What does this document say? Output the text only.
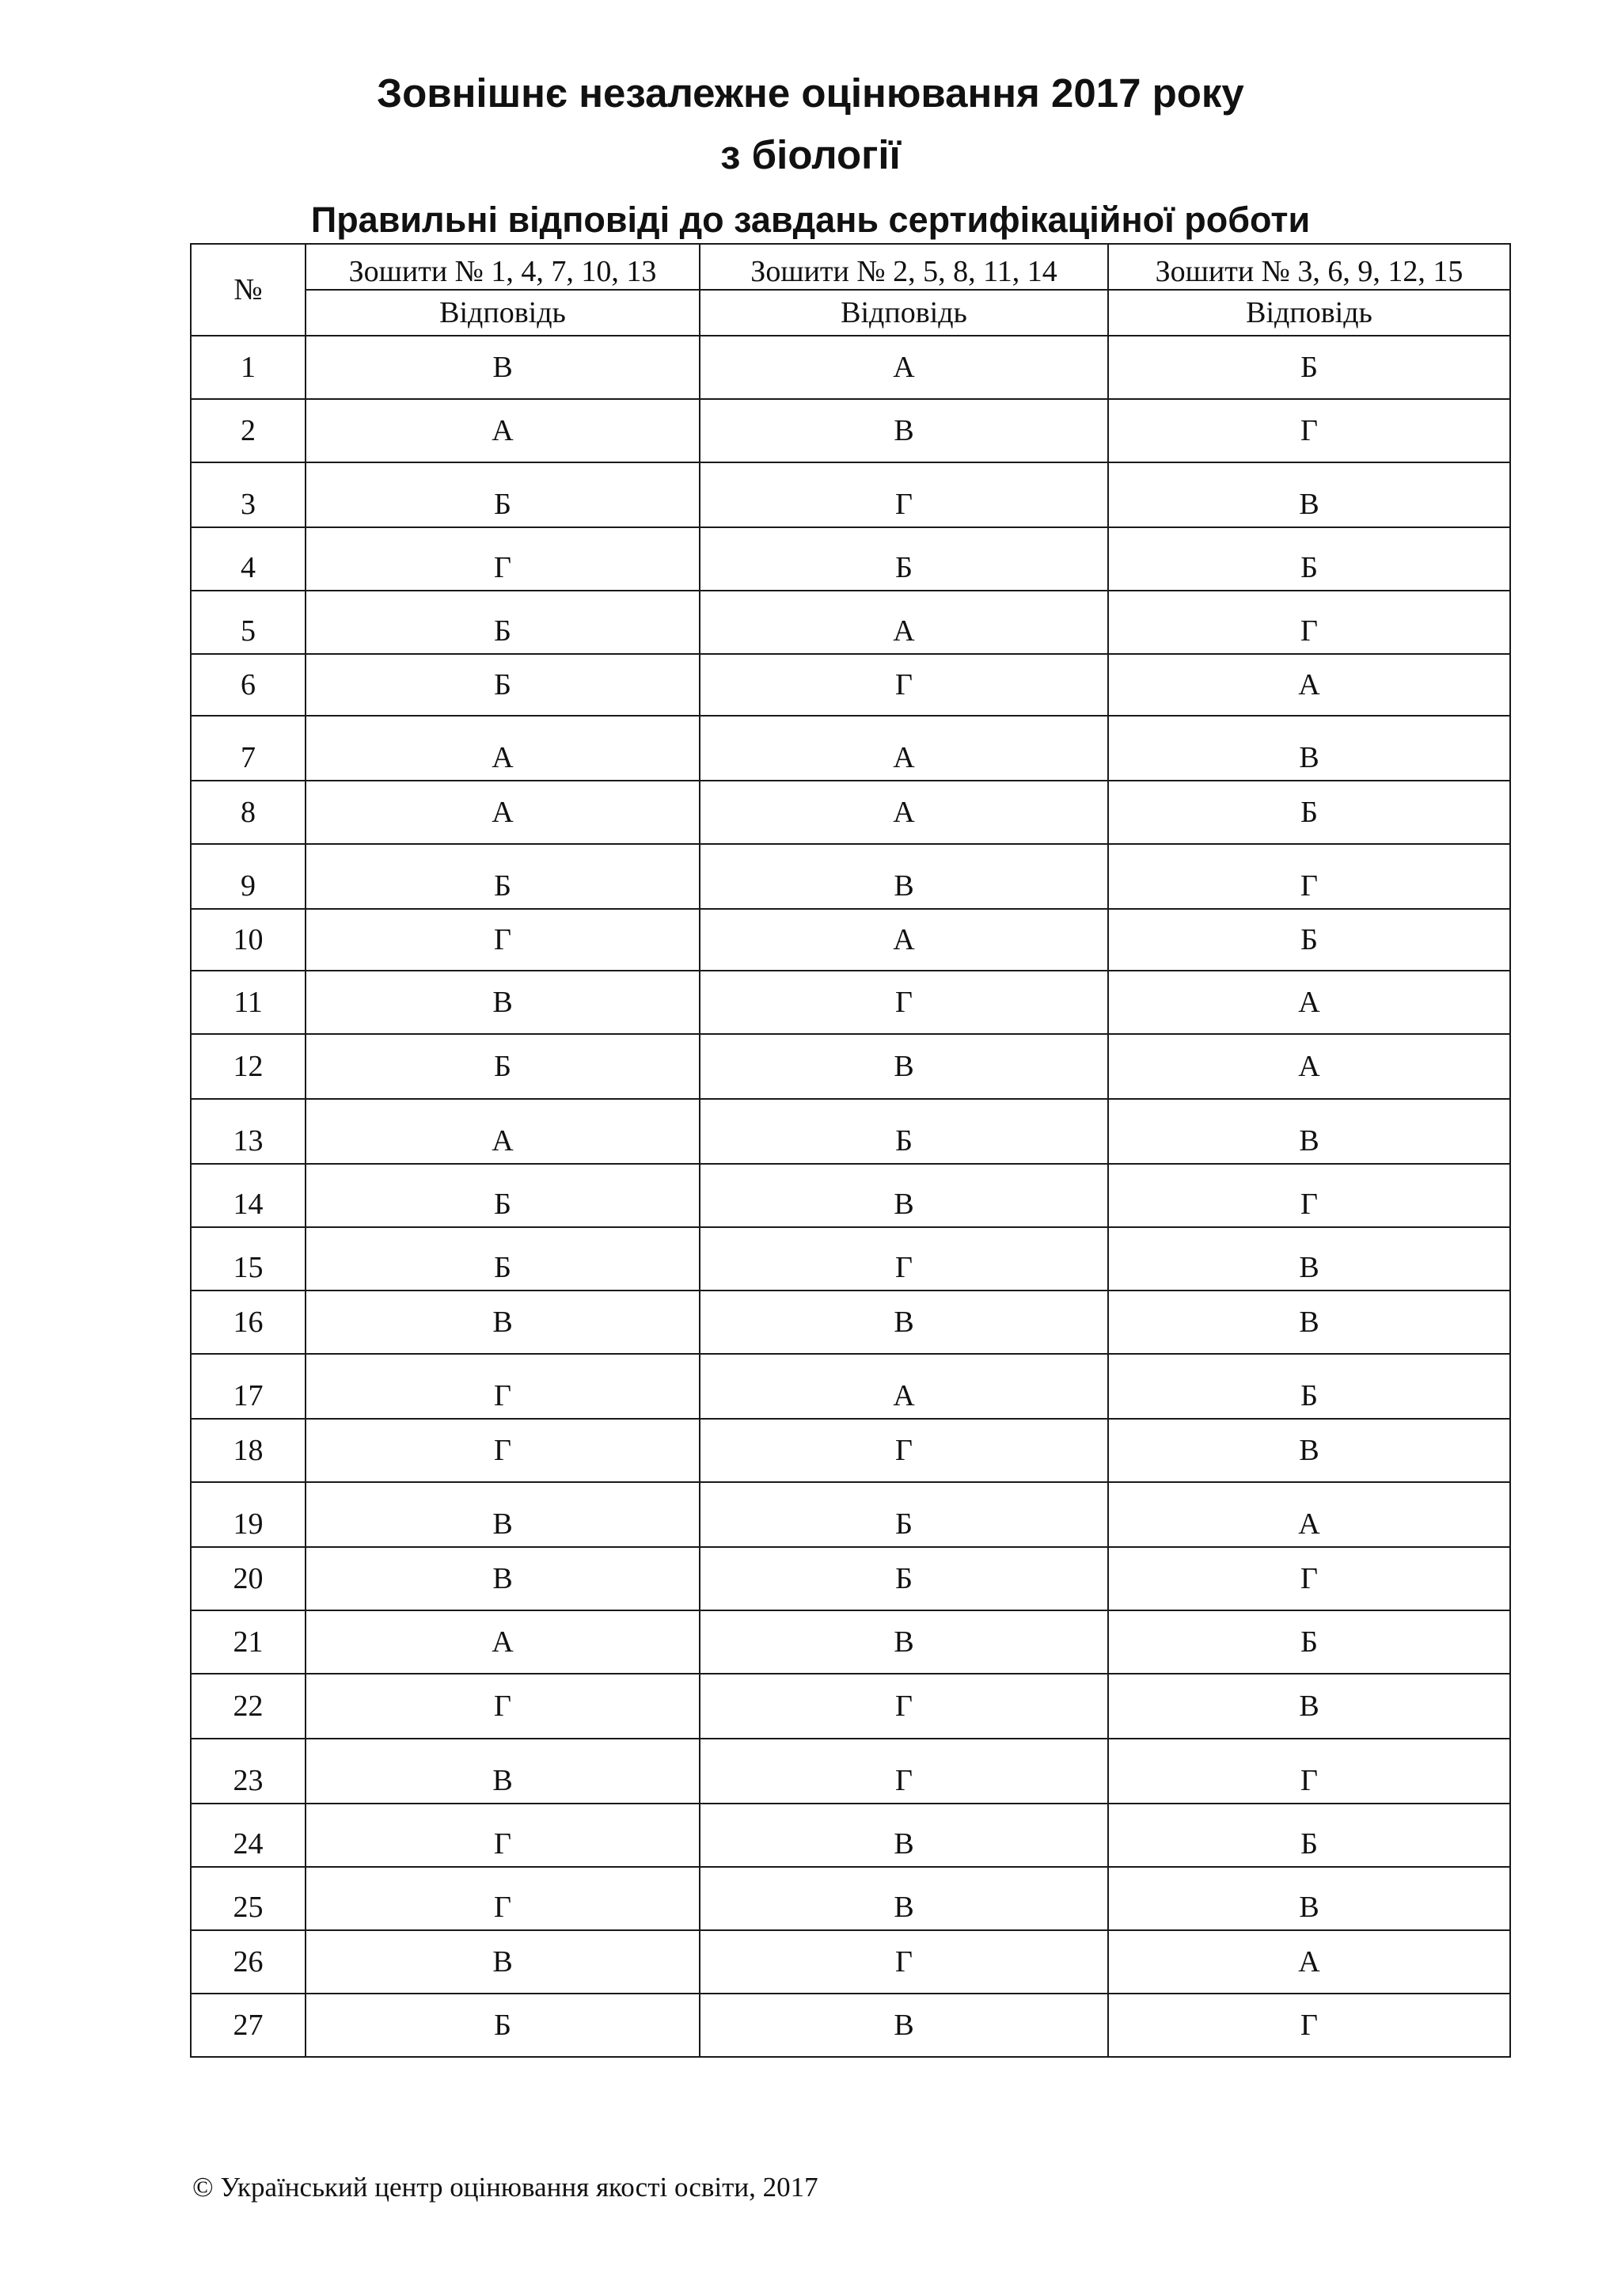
Зовнішнє незалежне оцінювання 2017 року
з біології
Правильні відповіді до завдань сертифікаційної роботи
№	Зошити № 1, 4, 7, 10, 13	Зошити № 2, 5, 8, 11, 14	Зошити № 3, 6, 9, 12, 15
	Відповідь	Відповідь	Відповідь
1	В	А	Б
2	А	В	Г
3	Б	Г	В
4	Г	Б	Б
5	Б	А	Г
6	Б	Г	А
7	А	А	В
8	А	А	Б
9	Б	В	Г
10	Г	А	Б
11	В	Г	А
12	Б	В	А
13	А	Б	В
14	Б	В	Г
15	Б	Г	В
16	В	В	В
17	Г	А	Б
18	Г	Г	В
19	В	Б	А
20	В	Б	Г
21	А	В	Б
22	Г	Г	В
23	В	Г	Г
24	Г	В	Б
25	Г	В	В
26	В	Г	А
27	Б	В	Г
© Український центр оцінювання якості освіти, 2017
